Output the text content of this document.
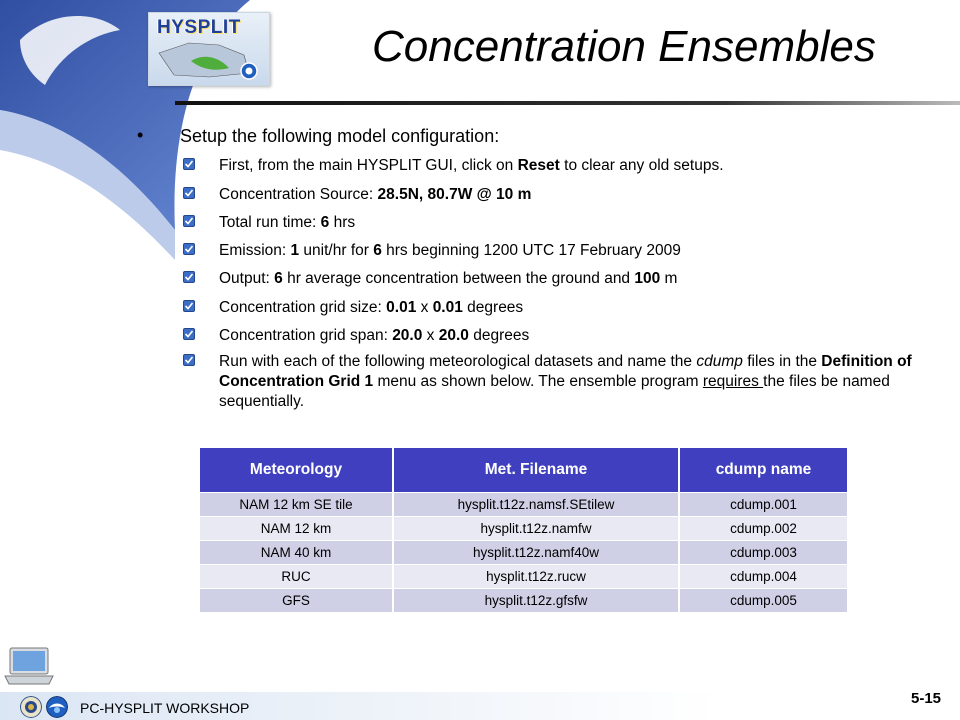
HYSPLIT	Concentration Ensembles
• Setup the following model configuration:
First, from the main HYSPLIT GUI, click on Reset to clear any old setups.
Concentration Source: 28.5N, 80.7W @ 10 m
Total run time: 6 hrs
Emission: 1 unit/hr for 6 hrs beginning 1200 UTC 17 February 2009
Output: 6 hr average concentration between the ground and 100 m
Concentration grid size: 0.01 x 0.01 degrees
Concentration grid span: 20.0 x 20.0 degrees
Run with each of the following meteorological datasets and name the cdump files in the Definition of Concentration Grid 1 menu as shown below. The ensemble program requires the files be named sequentially.
Meteorology	Met. Filename	cdump name
NAM 12 km SE tile	hysplit.t12z.namsf.SEtilew	cdump.001
NAM 12 km	hysplit.t12z.namfw	cdump.002
NAM 40 km	hysplit.t12z.namf40w	cdump.003
RUC	hysplit.t12z.rucw	cdump.004
GFS	hysplit.t12z.gfsfw	cdump.005
PC-HYSPLIT WORKSHOP
5-15
